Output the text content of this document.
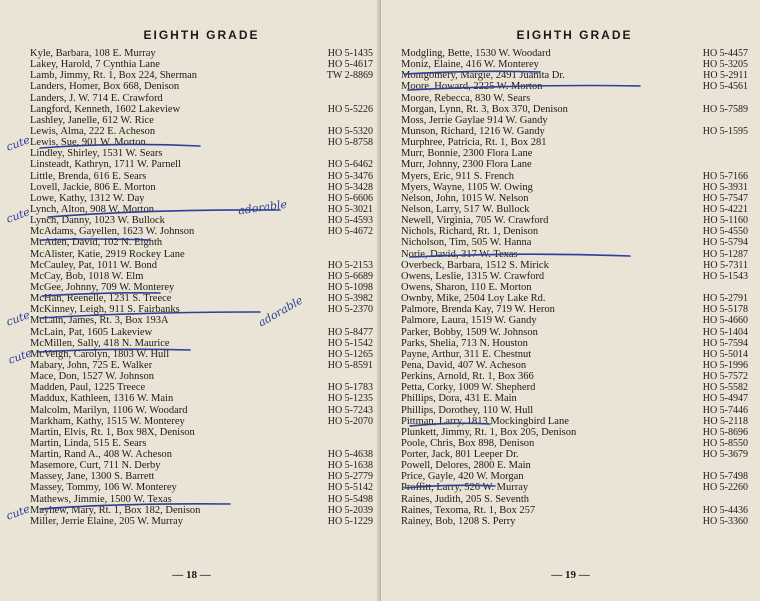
EIGHTH GRADE
Kyle, Barbara, 108 E. Murray	HO 5-1435
Lakey, Harold, 7 Cynthia Lane	HO 5-4617
Lamb, Jimmy, Rt. 1, Box 224, Sherman	TW 2-8869
Landers, Homer, Box 668, Denison
Landers, J. W. 714 E. Crawford
Langford, Kenneth, 1602 Lakeview	HO 5-5226
Lashley, Janelle, 612 W. Rice
Lewis, Alma, 222 E. Acheson	HO 5-5320
Lewis, Sue, 901 W. Morton	HO 5-8758
Lindley, Shirley, 1531 W. Sears
Linsteadt, Kathryn, 1711 W. Parnell	HO 5-6462
Little, Brenda, 616 E. Sears	HO 5-3476
Lovell, Jackie, 806 E. Morton	HO 5-3428
Lowe, Kathy, 1312 W. Day	HO 5-6606
Lynch, Alton, 908 W. Morton	HO 5-3021
Lynch, Danny, 1023 W. Bullock	HO 5-4593
McAdams, Gayellen, 1623 W. Johnson	HO 5-4672
McAden, David, 102 N. Eighth
McAlister, Katie, 2919 Rockey Lane
McCauley, Pat, 1011 W. Bond	HO 5-2153
McCay, Bob, 1018 W. Elm	HO 5-6689
McGee, Johnny, 709 W. Monterey	HO 5-1098
McHan, Reenelle, 1231 S. Treece	HO 5-3982
McKinney, Leigh, 911 S. Fairbanks	HO 5-2370
McLain, James, Rt. 3, Box 193A
McLain, Pat, 1605 Lakeview	HO 5-8477
McMillen, Sally, 418 N. Maurice	HO 5-1542
McVeigh, Carolyn, 1803 W. Hull	HO 5-1265
Mabary, John, 725 E. Walker	HO 5-8591
Mace, Don, 1527 W. Johnson
Madden, Paul, 1225 Treece	HO 5-1783
Maddux, Kathleen, 1316 W. Main	HO 5-1235
Malcolm, Marilyn, 1106 W. Woodard	HO 5-7243
Markham, Kathy, 1515 W. Monterey	HO 5-2070
Martin, Elvis, Rt. 1, Box 98X, Denison
Martin, Linda, 515 E. Sears
Martin, Rand A., 408 W. Acheson	HO 5-4638
Masemore, Curt, 711 N. Derby	HO 5-1638
Massey, Jane, 1300 S. Barrett	HO 5-2779
Massey, Tommy, 106 W. Monterey	HO 5-5142
Mathews, Jimmie, 1500 W. Texas	HO 5-5498
Mayhew, Mary, Rt. 1, Box 182, Denison	HO 5-2039
Miller, Jerrie Elaine, 205 W. Murray	HO 5-1229
— 18 —
EIGHTH GRADE
Modgling, Bette, 1530 W. Woodard	HO 5-4457
Moniz, Elaine, 416 W. Monterey	HO 5-3205
Montgomery, Margie, 2491 Juanita Dr.	HO 5-2911
Moore, Howard, 2225 W. Morton	HO 5-4561
Moore, Rebecca, 830 W. Sears
Morgan, Lynn, Rt. 3, Box 370, Denison	HO 5-7589
Moss, Jerrie Gaylae 914 W. Gandy
Munson, Richard, 1216 W. Gandy	HO 5-1595
Murphree, Patricia, Rt. 1, Box 281
Murr, Bonnie, 2300 Flora Lane
Murr, Johnny, 2300 Flora Lane
Myers, Eric, 911 S. French	HO 5-7166
Myers, Wayne, 1105 W. Owing	HO 5-3931
Nelson, John, 1015 W. Nelson	HO 5-7547
Nelson, Larry, 517 W. Bullock	HO 5-4221
Newell, Virginia, 705 W. Crawford	HO 5-1160
Nichols, Richard, Rt. 1, Denison	HO 5-4550
Nicholson, Tim, 505 W. Hanna	HO 5-5794
Norie, David, 317 W. Texas	HO 5-1287
Overbeck, Barbara, 1512 S. Mirick	HO 5-7311
Owens, Leslie, 1315 W. Crawford	HO 5-1543
Owens, Sharon, 110 E. Morton
Ownby, Mike, 2504 Loy Lake Rd.	HO 5-2791
Palmore, Brenda Kay, 719 W. Heron	HO 5-5178
Palmore, Laura, 1519 W. Gandy	HO 5-4660
Parker, Bobby, 1509 W. Johnson	HO 5-1404
Parks, Shelia, 713 N. Houston	HO 5-7594
Payne, Arthur, 311 E. Chestnut	HO 5-5014
Pena, David, 407 W. Acheson	HO 5-1996
Perkins, Arnold, Rt. 1, Box 366	HO 5-7572
Petta, Corky, 1009 W. Shepherd	HO 5-5582
Phillips, Dora, 431 E. Main	HO 5-4947
Phillips, Dorothey, 110 W. Hull	HO 5-7446
Pittman, Larry, 1813 Mockingbird Lane	HO 5-2118
Plunkett, Jimmy, Rt. 1, Box 205, Denison	HO 5-8696
Poole, Chris, Box 898, Denison	HO 5-8550
Porter, Jack, 801 Leeper Dr.	HO 5-3679
Powell, Delores, 2800 E. Main
Price, Gayle, 420 W. Morgan	HO 5-7498
Proffitt, Larry, 526 W. Murray	HO 5-2260
Raines, Judith, 205 S. Seventh
Raines, Texoma, Rt. 1, Box 257	HO 5-4436
Rainey, Bob, 1208 S. Perry	HO 5-3360
— 19 —
cute
cute	adorable
cute	adorable
cute
cute
